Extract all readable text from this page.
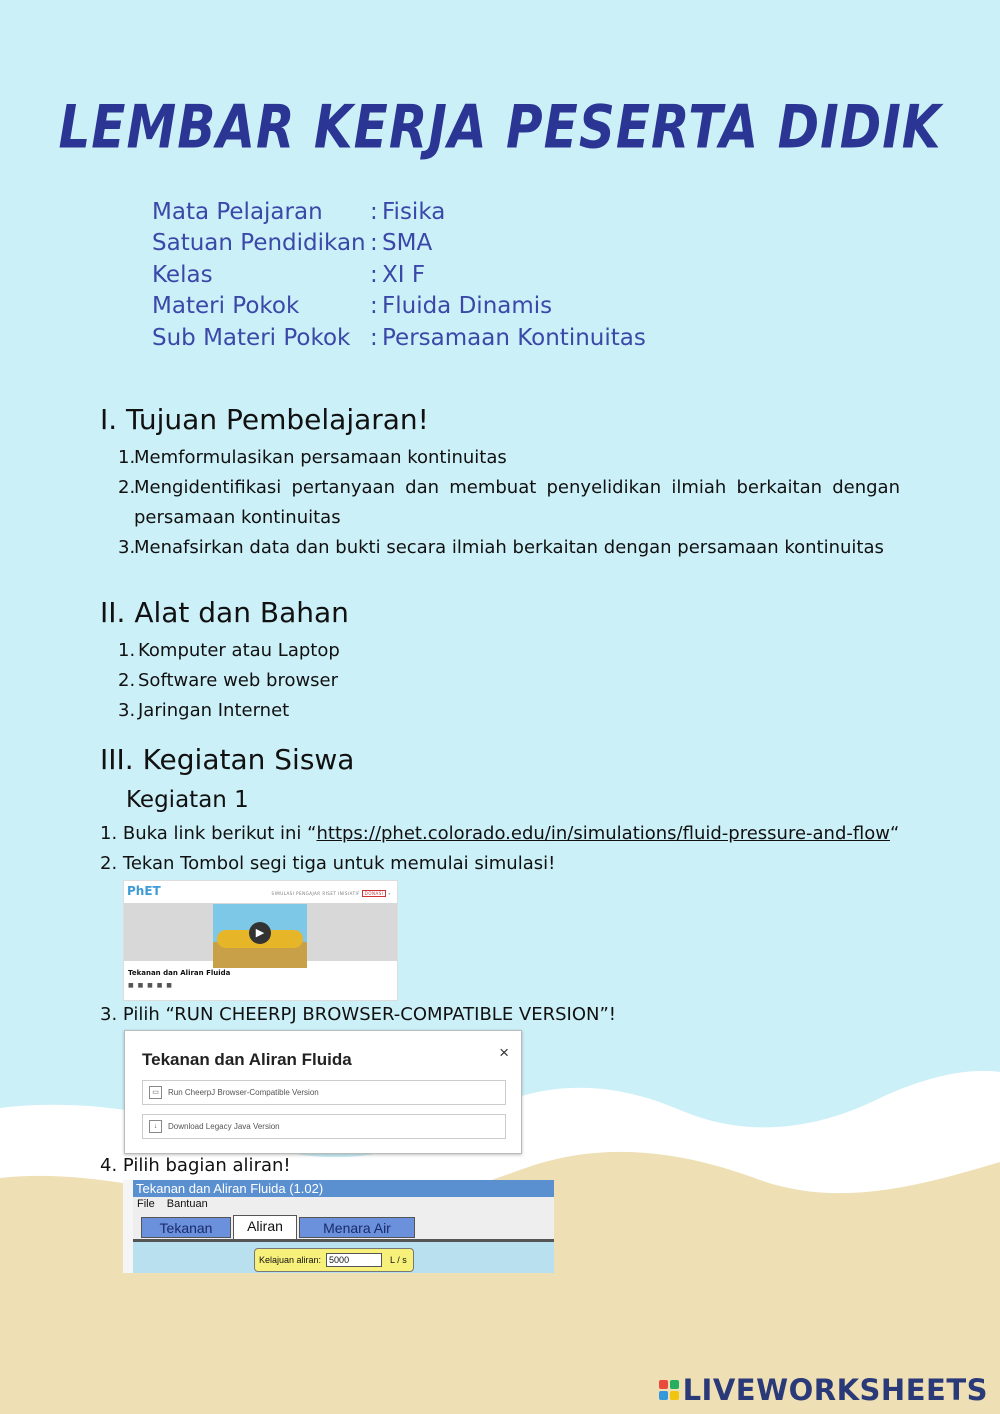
LEMBAR KERJA PESERTA DIDIK
Mata Pelajaran	: Fisika
Satuan Pendidikan : SMA
Kelas	: XI F
Materi Pokok	: Fluida Dinamis
Sub Materi Pokok : Persamaan Kontinuitas
I. Tujuan Pembelajaran!
1.
Memformulasikan persamaan kontinuitas
2.
Mengidentifikasi pertanyaan dan membuat penyelidikan ilmiah berkaitan dengan
persamaan kontinuitas
3.
Menafsirkan data dan bukti secara ilmiah berkaitan dengan persamaan kontinuitas
II. Alat dan Bahan
1. Komputer atau Laptop
2. Software web browser
3. Jaringan Internet
III. Kegiatan Siswa
Kegiatan 1
1. Buka link berikut ini “https://phet.colorado.edu/in/simulations/fluid-pressure-and-flow“
2. Tekan Tombol segi tiga untuk memulai simulasi!
PhET	SIMULASI PENGAJAR RISET INISIATIF DONASI ⌕
▶
Tekanan dan Aliran Fluida
■ ■ ■ ■ ■
3. Pilih “RUN CHEERPJ BROWSER-COMPATIBLE VERSION”!
Tekanan dan Aliran Fluida	×
▭	Run CheerpJ Browser-Compatible Version
↓	Download Legacy Java Version
4. Pilih bagian aliran!
Tekanan dan Aliran Fluida (1.02)
File Bantuan
Tekanan	Aliran	Menara Air
Kelajuan aliran: 5000	L / s
LIVEWORKSHEETS
